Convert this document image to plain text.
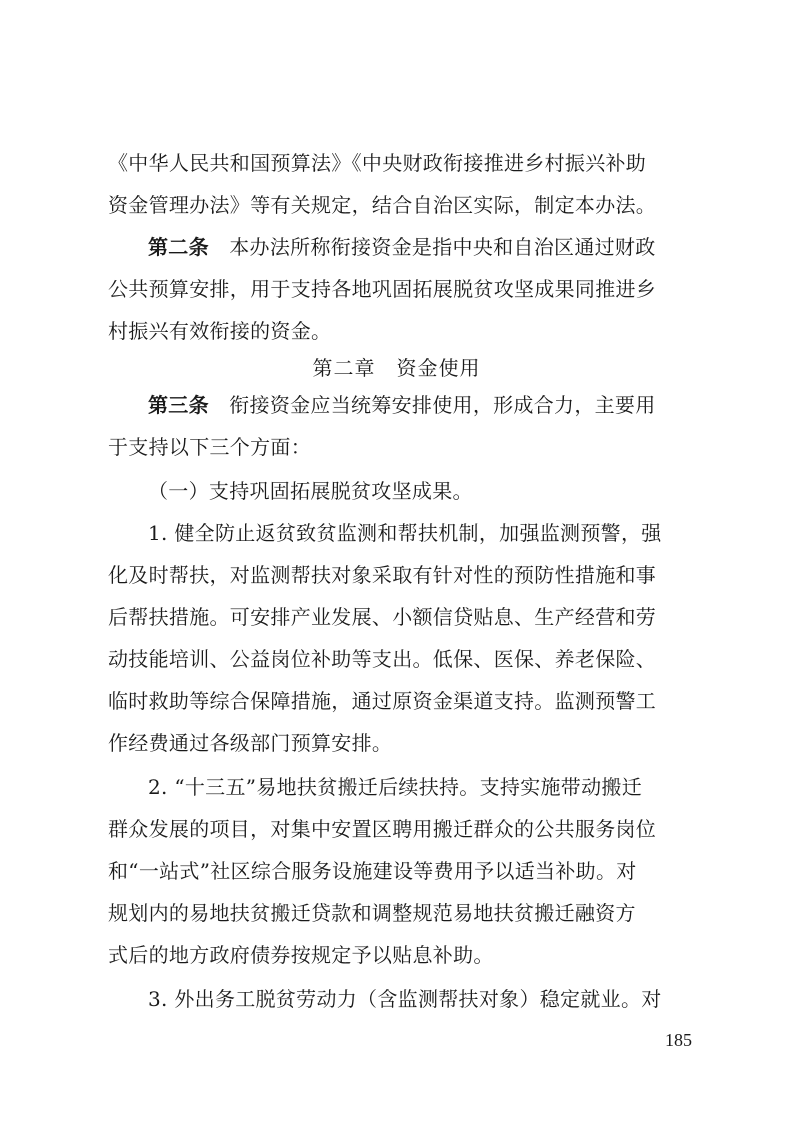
《中华人民共和国预算法》《中央财政衔接推进乡村振兴补助
资金管理办法》等有关规定，结合自治区实际，制定本办法。
第二条　 本办法所称衔接资金是指中央和自治区通过财政
公共预算安排，用于支持各地巩固拓展脱贫攻坚成果同推进乡
村振兴有效衔接的资金。
第二章　资金使用
第三条　 衔接资金应当统筹安排使用，形成合力，主要用
于支持以下三个方面：
（一）支持巩固拓展脱贫攻坚成果。
1. 健全防止返贫致贫监测和帮扶机制，加强监测预警，强
化及时帮扶，对监测帮扶对象采取有针对性的预防性措施和事
后帮扶措施。可安排产业发展、小额信贷贴息、生产经营和劳
动技能培训、公益岗位补助等支出。低保、医保、养老保险、
临时救助等综合保障措施，通过原资金渠道支持。监测预警工
作经费通过各级部门预算安排。
2. “十三五”易地扶贫搬迁后续扶持。支持实施带动搬迁
群众发展的项目，对集中安置区聘用搬迁群众的公共服务岗位
和“一站式”社区综合服务设施建设等费用予以适当补助。对
规划内的易地扶贫搬迁贷款和调整规范易地扶贫搬迁融资方
式后的地方政府债券按规定予以贴息补助。
3. 外出务工脱贫劳动力（含监测帮扶对象）稳定就业。对
185
